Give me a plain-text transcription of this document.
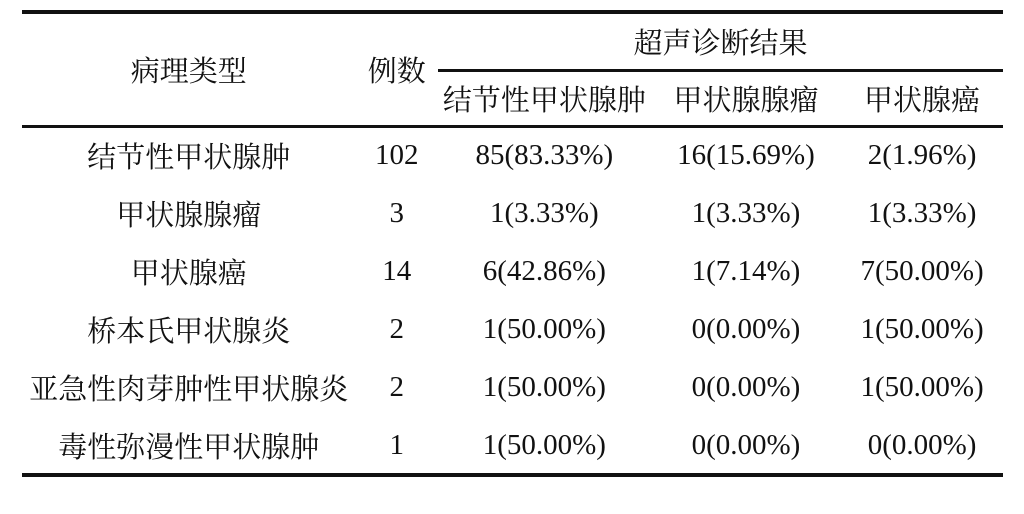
病理类型	例数	超声诊断结果		
		结节性甲状腺肿	甲状腺腺瘤	甲状腺癌
结节性甲状腺肿	102	85(83.33%)	16(15.69%)	2(1.96%)
甲状腺腺瘤	3	1(3.33%)	1(3.33%)	1(3.33%)
甲状腺癌	14	6(42.86%)	1(7.14%)	7(50.00%)
桥本氏甲状腺炎	2	1(50.00%)	0(0.00%)	1(50.00%)
亚急性肉芽肿性甲状腺炎	2	1(50.00%)	0(0.00%)	1(50.00%)
毒性弥漫性甲状腺肿	1	1(50.00%)	0(0.00%)	0(0.00%)
